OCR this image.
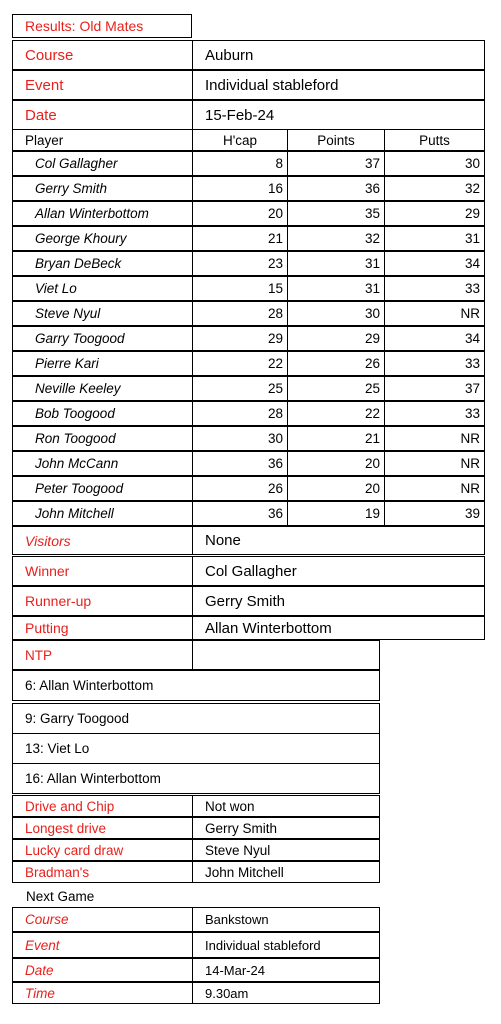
Results: Old Mates
Course	Auburn
Event	Individual stableford
Date	15-Feb-24
Player	H'cap	Points	Putts
Col Gallagher	8	37	30
Gerry Smith	16	36	32
Allan Winterbottom	20	35	29
George Khoury	21	32	31
Bryan DeBeck	23	31	34
Viet Lo	15	31	33
Steve Nyul	28	30	NR
Garry Toogood	29	29	34
Pierre Kari	22	26	33
Neville Keeley	25	25	37
Bob Toogood	28	22	33
Ron Toogood	30	21	NR
John McCann	36	20	NR
Peter Toogood	26	20	NR
John Mitchell	36	19	39
Visitors	None
Winner	Col Gallagher
Runner-up	Gerry Smith
Putting	Allan Winterbottom
NTP
6: Allan Winterbottom
9: Garry Toogood
13: Viet Lo
16: Allan Winterbottom
Drive and Chip	Not won
Longest drive	Gerry Smith
Lucky card draw	Steve Nyul
Bradman's	John Mitchell
Next Game
Course	Bankstown
Event	Individual stableford
Date	14-Mar-24
Time	9.30am
